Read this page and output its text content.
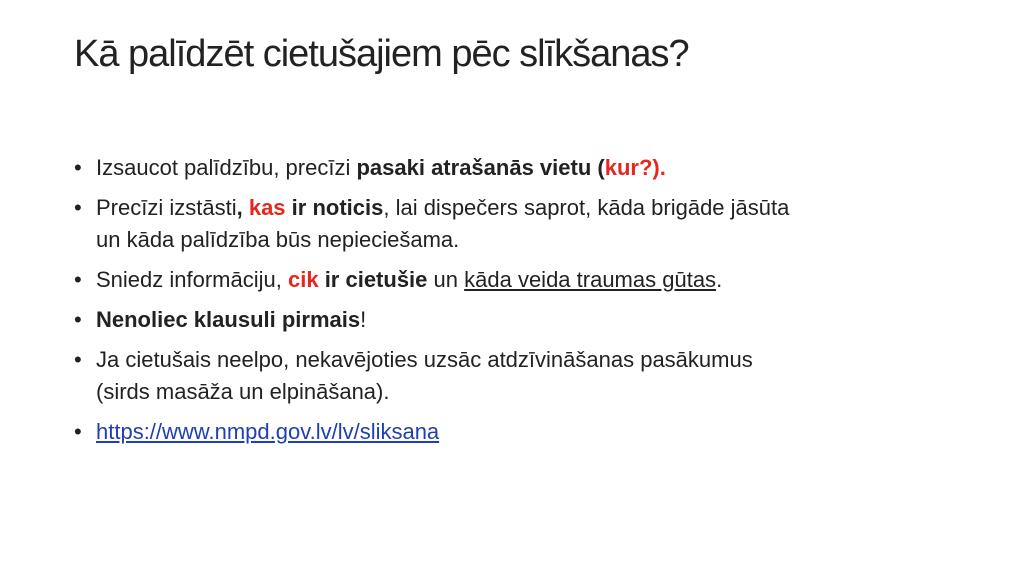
Kā palīdzēt cietušajiem pēc slīkšanas?
• Izsaucot palīdzību, precīzi pasaki atrašanās vietu (kur?).
• Precīzi izstāsti, kas ir noticis, lai dispečers saprot, kāda brigāde jāsūta
un kāda palīdzība būs nepieciešama.
• Sniedz informāciju, cik ir cietušie un kāda veida traumas gūtas.
• Nenoliec klausuli pirmais!
• Ja cietušais neelpo, nekavējoties uzsāc atdzīvināšanas pasākumus
(sirds masāža un elpināšana).
• https://www.nmpd.gov.lv/lv/sliksana
